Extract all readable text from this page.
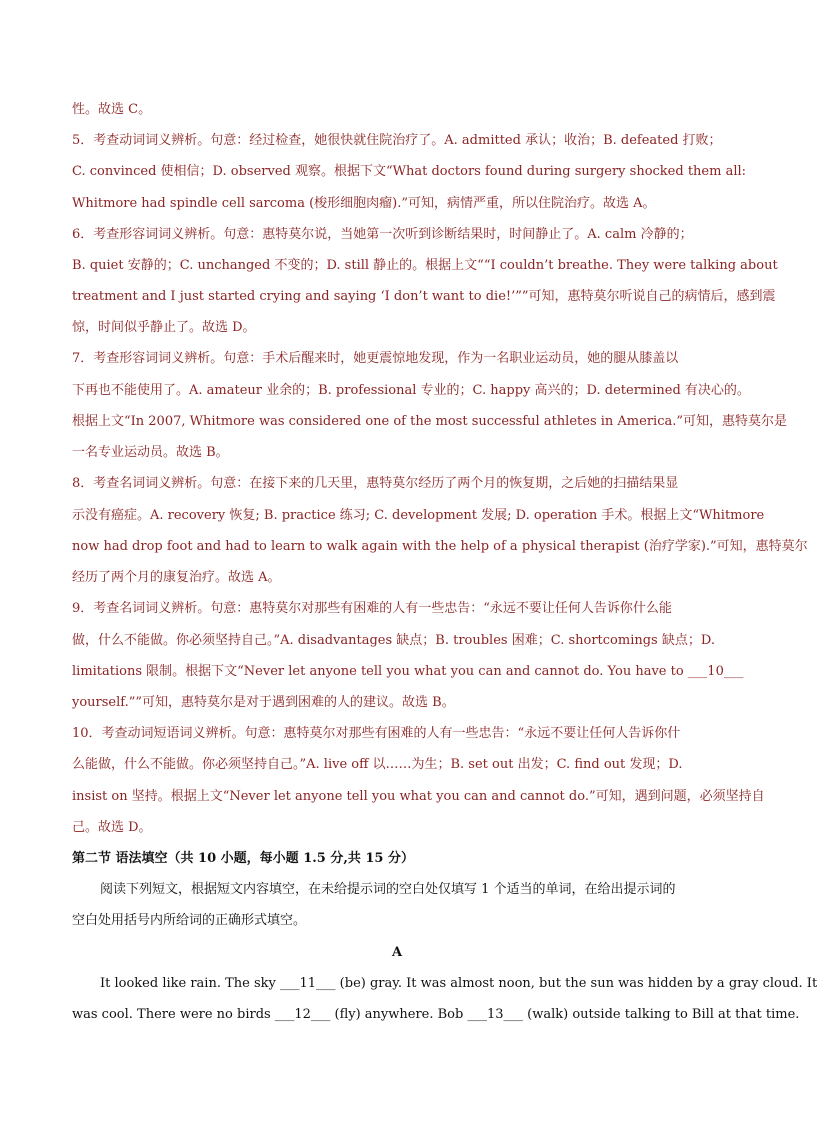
性。故选 C。
5．考查动词词义辨析。句意：经过检查，她很快就住院治疗了。A. admitted 承认；收治；B. defeated 打败；
C. convinced 使相信；D. observed 观察。根据下文“What doctors found during surgery shocked them all:
Whitmore had spindle cell sarcoma (梭形细胞肉瘤).”可知，病情严重，所以住院治疗。故选 A。
6．考查形容词词义辨析。句意：惠特莫尔说，当她第一次听到诊断结果时，时间静止了。A. calm 冷静的；
B. quiet 安静的；C. unchanged 不变的；D. still 静止的。根据上文““I couldn’t breathe. They were talking about
treatment and I just started crying and saying ‘I don’t want to die!’””可知，惠特莫尔听说自己的病情后，感到震
惊，时间似乎静止了。故选 D。
7．考查形容词词义辨析。句意：手术后醒来时，她更震惊地发现，作为一名职业运动员，她的腿从膝盖以
下再也不能使用了。A. amateur 业余的；B. professional 专业的；C. happy 高兴的；D. determined 有决心的。
根据上文“In 2007, Whitmore was considered one of the most successful athletes in America.”可知，惠特莫尔是
一名专业运动员。故选 B。
8．考查名词词义辨析。句意：在接下来的几天里，惠特莫尔经历了两个月的恢复期，之后她的扫描结果显
示没有癌症。A. recovery 恢复; B. practice 练习; C. development 发展; D. operation 手术。根据上文“Whitmore
now had drop foot and had to learn to walk again with the help of a physical therapist (治疗学家).”可知，惠特莫尔
经历了两个月的康复治疗。故选 A。
9．考查名词词义辨析。句意：惠特莫尔对那些有困难的人有一些忠告：“永远不要让任何人告诉你什么能
做，什么不能做。你必须坚持自己。”A. disadvantages 缺点；B. troubles 困难；C. shortcomings 缺点；D.
limitations 限制。根据下文“Never let anyone tell you what you can and cannot do. You have to ___10___
yourself.””可知，惠特莫尔是对于遇到困难的人的建议。故选 B。
10．考查动词短语词义辨析。句意：惠特莫尔对那些有困难的人有一些忠告：“永远不要让任何人告诉你什
么能做，什么不能做。你必须坚持自己。”A. live off 以……为生；B. set out 出发；C. find out 发现；D.
insist on 坚持。根据上文“Never let anyone tell you what you can and cannot do.”可知，遇到问题，必须坚持自
己。故选 D。
第二节 语法填空（共 10 小题，每小题 1.5 分,共 15 分）
阅读下列短文，根据短文内容填空，在未给提示词的空白处仅填写 1 个适当的单词，在给出提示词的
空白处用括号内所给词的正确形式填空。
A
It looked like rain. The sky ___11___ (be) gray. It was almost noon, but the sun was hidden by a gray cloud. It
was cool. There were no birds ___12___ (fly) anywhere. Bob ___13___ (walk) outside talking to Bill at that time.
